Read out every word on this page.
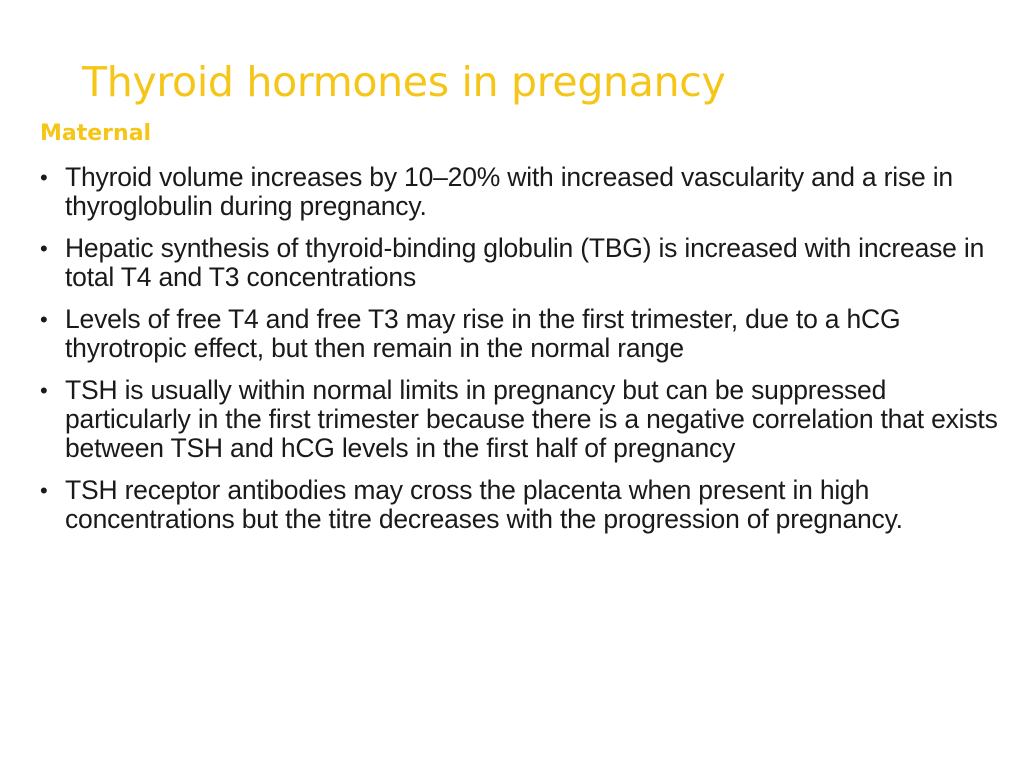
Thyroid hormones in pregnancy
Maternal
• Thyroid volume increases by 10–20% with increased vascularity and a rise in thyroglobulin during pregnancy.
• Hepatic synthesis of thyroid-binding globulin (TBG) is increased with increase in total T4 and T3 concentrations
• Levels of free T4 and free T3 may rise in the first trimester, due to a hCG thyrotropic effect, but then remain in the normal range
• TSH is usually within normal limits in pregnancy but can be suppressed particularly in the first trimester because there is a negative correlation that exists between TSH and hCG levels in the first half of pregnancy
• TSH receptor antibodies may cross the placenta when present in high concentrations but the titre decreases with the progression of pregnancy.
